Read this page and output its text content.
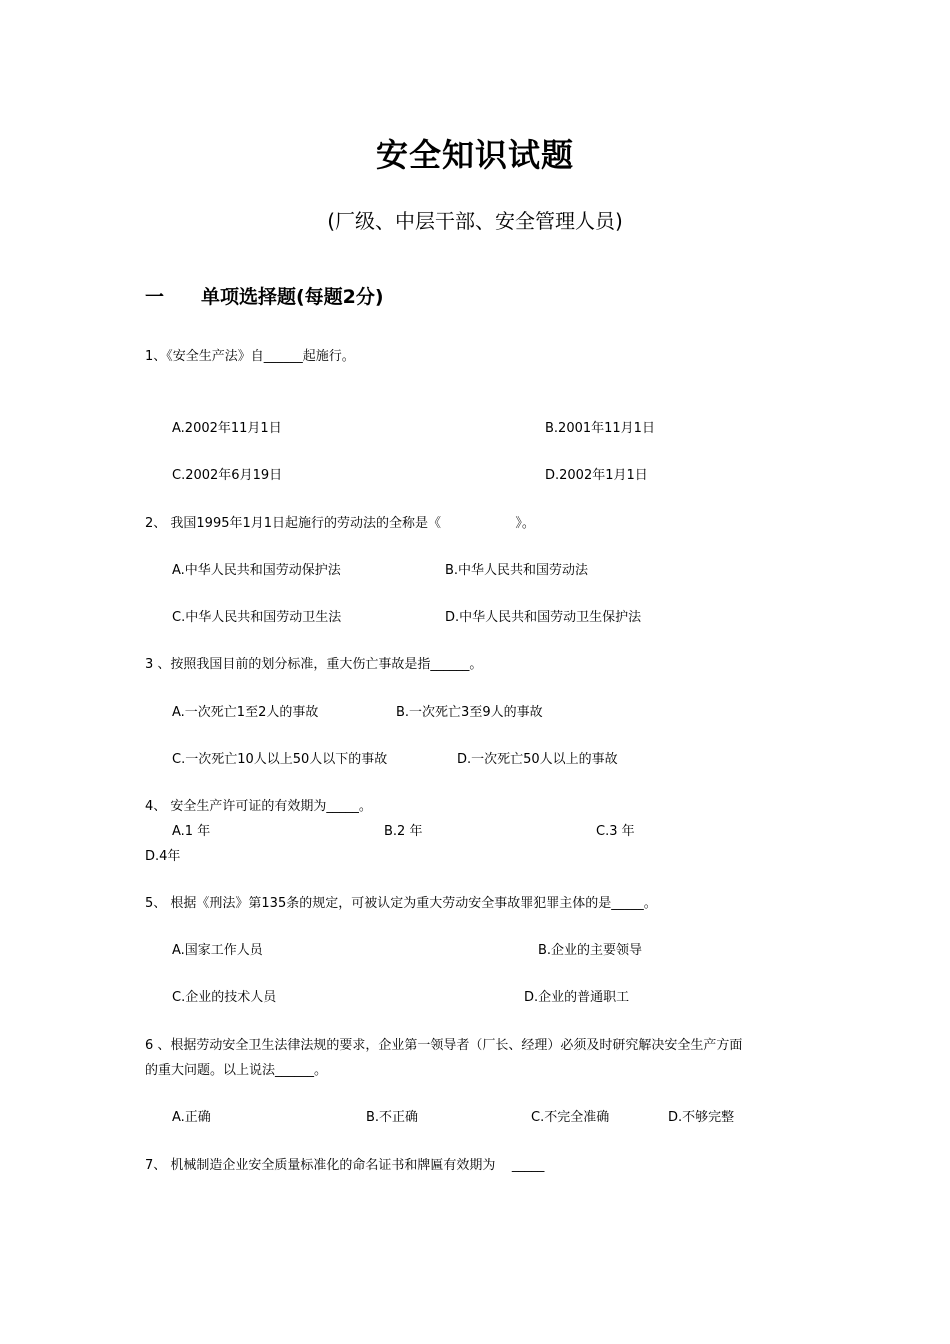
安全知识试题
(厂级、中层干部、安全管理人员)
一 单项选择题(每题2分)
1、《安全生产法》自______起施行。
A.2002年11月1日	B.2001年11月1日
C.2002年6月19日	D.2002年1月1日
2、 我国1995年1月1日起施行的劳动法的全称是《                  》。
A.中华人民共和国劳动保护法	B.中华人民共和国劳动法
C.中华人民共和国劳动卫生法	D.中华人民共和国劳动卫生保护法
3 、按照我国目前的划分标准，重大伤亡事故是指______。
A.一次死亡1至2人的事故	B.一次死亡3至9人的事故
C.一次死亡10人以上50人以下的事故	D.一次死亡50人以上的事故
4、 安全生产许可证的有效期为_____。
A.1 年	B.2 年	C.3 年
D.4年
5、 根据《刑法》第135条的规定，可被认定为重大劳动安全事故罪犯罪主体的是_____。
A.国家工作人员	B.企业的主要领导
C.企业的技术人员	D.企业的普通职工
6 、根据劳动安全卫生法律法规的要求，企业第一领导者（厂长、经理）必须及时研究解决安全生产方面
的重大问题。以上说法______。
A.正确	B.不正确	C.不完全准确	D.不够完整
7、 机械制造企业安全质量标准化的命名证书和牌匾有效期为    _____
